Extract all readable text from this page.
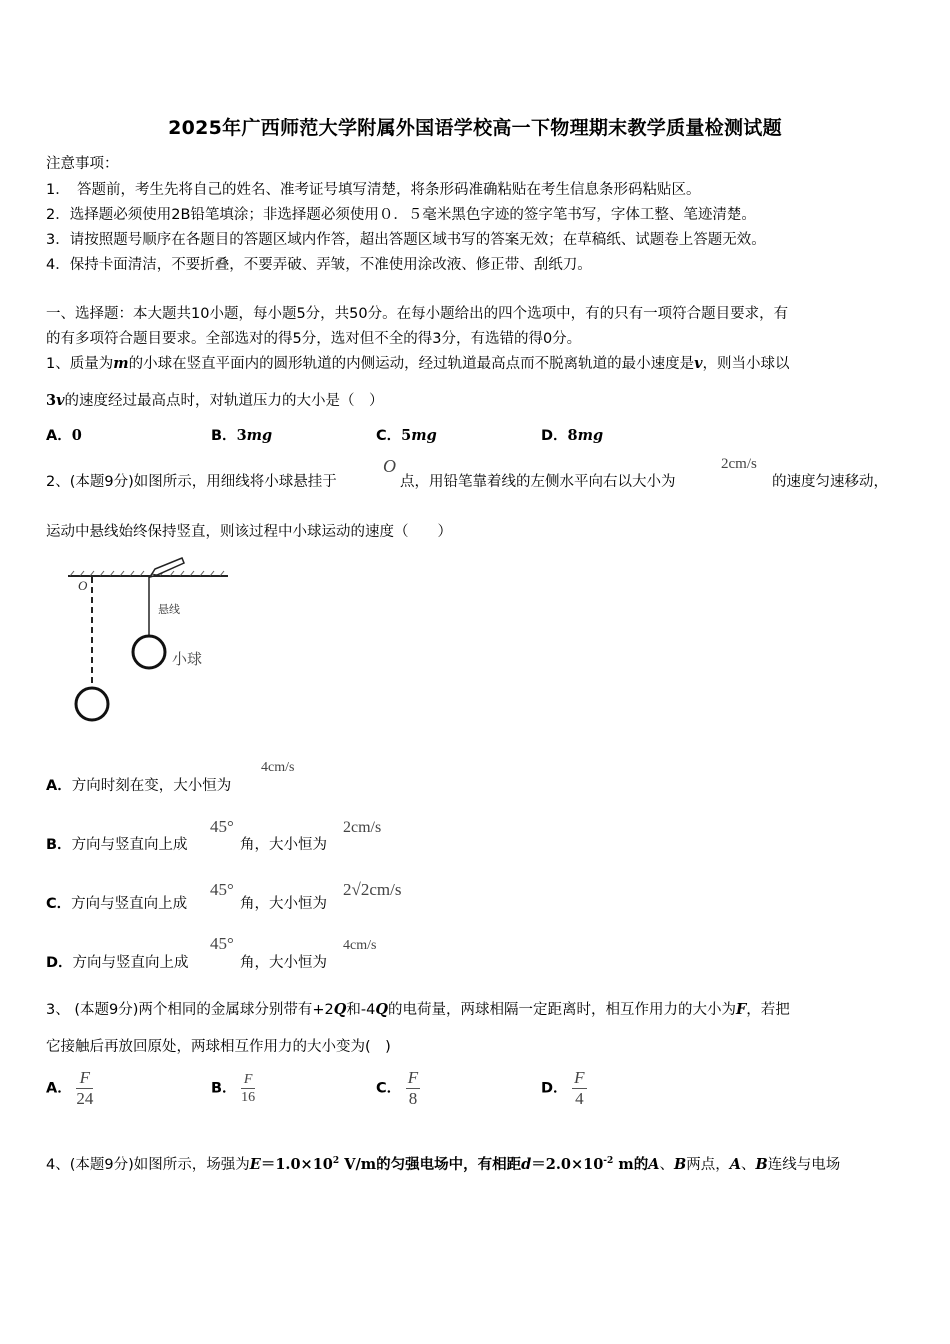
2025年广西师范大学附属外国语学校高一下物理期末教学质量检测试题
注意事项：
1．　答题前，考生先将自己的姓名、准考证号填写清楚，将条形码准确粘贴在考生信息条形码粘贴区。
2．选择题必须使用2B铅笔填涂；非选择题必须使用０．５毫米黑色字迹的签字笔书写，字体工整、笔迹清楚。
3．请按照题号顺序在各题目的答题区域内作答，超出答题区域书写的答案无效；在草稿纸、试题卷上答题无效。
4．保持卡面清洁，不要折叠，不要弄破、弄皱，不准使用涂改液、修正带、刮纸刀。
一、选择题：本大题共10小题，每小题5分，共50分。在每小题给出的四个选项中，有的只有一项符合题目要求，有
的有多项符合题目要求。全部选对的得5分，选对但不全的得3分，有选错的得0分。
1、质量为m的小球在竖直平面内的圆形轨道的内侧运动，经过轨道最高点而不脱离轨道的最小速度是v，则当小球以
3v的速度经过最高点时，对轨道压力的大小是（　）
A．0	B．3mg	C．5mg	D．8mg
2、(本题9分)如图所示，用细线将小球悬挂于
O
点，用铅笔靠着线的左侧水平向右以大小为
2cm/s
的速度匀速移动，
运动中悬线始终保持竖直，则该过程中小球运动的速度（　　）
O
悬线
小球
A．方向时刻在变，大小恒为
4cm/s
B．方向与竖直向上成
45°
角，大小恒为
2cm/s
C．方向与竖直向上成
45°
角，大小恒为
2√2cm/s
D．方向与竖直向上成
45°
角，大小恒为
4cm/s
3、 (本题9分)两个相同的金属球分别带有+2Q和-4Q的电荷量，两球相隔一定距离时，相互作用力的大小为F，若把
它接触后再放回原处，两球相互作用力的大小变为(　)
A． $\frac{F}{24}$	B． $\frac{F}{16}$	C． $\frac{F}{8}$	D． $\frac{F}{4}$
4、(本题9分)如图所示，场强为$E=1.0\times 10^2$ V/m的匀强电场中，有相距$d=2.0\times 10^{-2}$ m的A、B两点，A、B连线与电场
